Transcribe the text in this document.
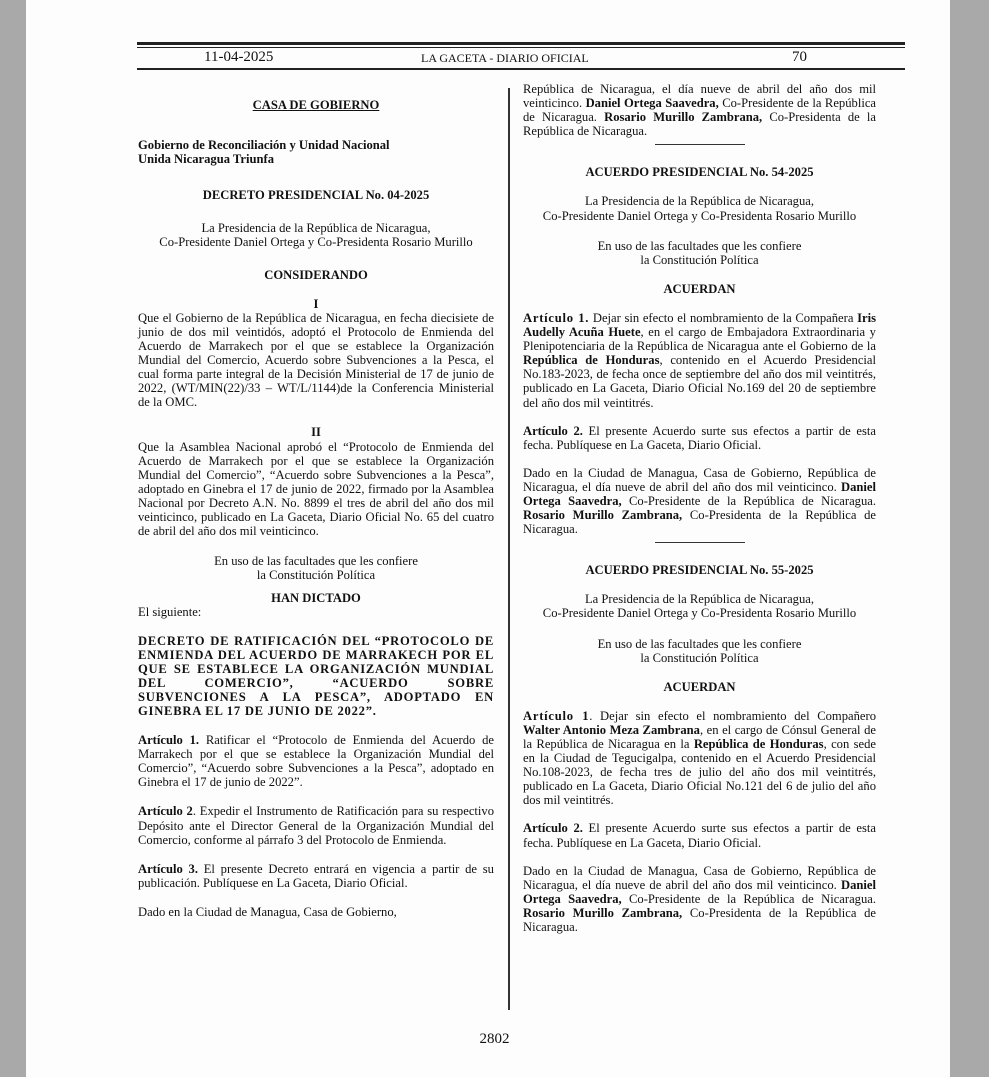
11-04-2025	LA GACETA - DIARIO OFICIAL	70

CASA DE GOBIERNO

Gobierno de Reconciliación y Unidad Nacional

Unida Nicaragua Triunfa

DECRETO PRESIDENCIAL No. 04-2025

La Presidencia de la República de Nicaragua,

Co-Presidente Daniel Ortega y Co-Presidenta Rosario Murillo

CONSIDERANDO

I

Que el Gobierno de la República de Nicaragua, en fecha diecisiete de junio de dos mil veintidós, adoptó el Protocolo de Enmienda del Acuerdo de Marrakech por el que se establece la Organización Mundial del Comercio, Acuerdo sobre Subvenciones a la Pesca, el cual forma parte integral de la Decisión Ministerial de 17 de junio de 2022, (WT/MIN(22)/33 – WT/L/1144)de la Conferencia Ministerial de la OMC.

II

Que la Asamblea Nacional aprobó el “Protocolo de Enmienda del Acuerdo de Marrakech por el que se establece la Organización Mundial del Comercio”, “Acuerdo sobre Subvenciones a la Pesca”, adoptado en Ginebra el 17 de junio de 2022, firmado por la Asamblea Nacional por Decreto A.N. No. 8899 el tres de abril del año dos mil veinticinco, publicado en La Gaceta, Diario Oficial No. 65 del cuatro de abril del año dos mil veinticinco.

En uso de las facultades que les confiere

la Constitución Política

HAN DICTADO

El siguiente:

DECRETO DE RATIFICACIÓN DEL “PROTOCOLO DE ENMIENDA DEL ACUERDO DE MARRAKECH POR EL QUE SE ESTABLECE LA ORGANIZACIÓN MUNDIAL DEL COMERCIO”, “ACUERDO SOBRE SUBVENCIONES A LA PESCA”, ADOPTADO EN GINEBRA EL 17 DE JUNIO DE 2022”.

Artículo 1. Ratificar el “Protocolo de Enmienda del Acuerdo de Marrakech por el que se establece la Organización Mundial del Comercio”, “Acuerdo sobre Subvenciones a la Pesca”, adoptado en Ginebra el 17 de junio de 2022”.

Artículo 2. Expedir el Instrumento de Ratificación para su respectivo Depósito ante el Director General de la Organización Mundial del Comercio, conforme al párrafo 3 del Protocolo de Enmienda.

Artículo 3. El presente Decreto entrará en vigencia a partir de su publicación. Publíquese en La Gaceta, Diario Oficial.

Dado en la Ciudad de Managua, Casa de Gobierno,

República de Nicaragua, el día nueve de abril del año dos mil veinticinco. Daniel Ortega Saavedra, Co-Presidente de la República de Nicaragua. Rosario Murillo Zambrana, Co-Presidenta de la República de Nicaragua.

ACUERDO PRESIDENCIAL No. 54-2025

La Presidencia de la República de Nicaragua,

Co-Presidente Daniel Ortega y Co-Presidenta Rosario Murillo

En uso de las facultades que les confiere

la Constitución Política

ACUERDAN

Artículo 1. Dejar sin efecto el nombramiento de la Compañera Iris Audelly Acuña Huete, en el cargo de Embajadora Extraordinaria y Plenipotenciaria de la República de Nicaragua ante el Gobierno de la República de Honduras, contenido en el Acuerdo Presidencial No.183-2023, de fecha once de septiembre del año dos mil veintitrés, publicado en La Gaceta, Diario Oficial No.169 del 20 de septiembre del año dos mil veintitrés.

Artículo 2. El presente Acuerdo surte sus efectos a partir de esta fecha. Publíquese en La Gaceta, Diario Oficial.

Dado en la Ciudad de Managua, Casa de Gobierno, República de Nicaragua, el día nueve de abril del año dos mil veinticinco. Daniel Ortega Saavedra, Co-Presidente de la República de Nicaragua. Rosario Murillo Zambrana, Co-Presidenta de la República de Nicaragua.

ACUERDO PRESIDENCIAL No. 55-2025

La Presidencia de la República de Nicaragua,

Co-Presidente Daniel Ortega y Co-Presidenta Rosario Murillo

En uso de las facultades que les confiere

la Constitución Política

ACUERDAN

Artículo 1. Dejar sin efecto el nombramiento del Compañero Walter Antonio Meza Zambrana, en el cargo de Cónsul General de la República de Nicaragua en la República de Honduras, con sede en la Ciudad de Tegucigalpa, contenido en el Acuerdo Presidencial No.108-2023, de fecha tres de julio del año dos mil veintitrés, publicado en La Gaceta, Diario Oficial No.121 del 6 de julio del año dos mil veintitrés.

Artículo 2. El presente Acuerdo surte sus efectos a partir de esta fecha. Publíquese en La Gaceta, Diario Oficial.

Dado en la Ciudad de Managua, Casa de Gobierno, República de Nicaragua, el día nueve de abril del año dos mil veinticinco. Daniel Ortega Saavedra, Co-Presidente de la República de Nicaragua. Rosario Murillo Zambrana, Co-Presidenta de la República de Nicaragua.

2802
